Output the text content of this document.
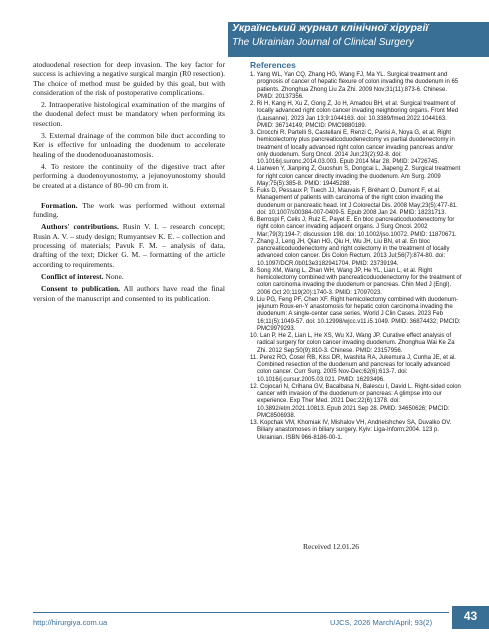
Український журнал клінічної хірургії
The Ukrainian Journal of Clinical Surgery

atoduodenal resection for deep invasion. The key factor for success is achieving a negative surgical margin (R0 resection). The choice of method must be guided by this goal, but with consideration of the risk of postoperative complications.

2. Intraoperative histological examination of the margins of the duodenal defect must be mandatory when performing its resection.

3. External drainage of the common bile duct according to Ker is effective for unloading the duodenum to accelerate healing of the duodenoduoanastomosis.

4. To restore the continuity of the digestive tract after performing a duodenoyunostomy, a jejunoyunostomy should be created at a distance of 80–90 cm from it.

Formation. The work was performed without external funding.

Authors' contributions. Rusin V. I. – research concept; Rusin A. V. – study design; Rumyantsev K. E. – collection and processing of materials; Pavuk F. M. – analysis of data, drafting of the text; Dicker G. M. – formatting of the article according to requirements.

Conflict of interest. None.

Consent to publication. All authors have read the final version of the manuscript and consented to its publication.

References

1. Yang WL, Yan CQ, Zhang HG, Wang FJ, Ma YL. Surgical treatment and prognosis of cancer of hepatic flexure of colon invading the duodenum in 65 patients. Zhonghua Zhong Liu Za Zhi. 2009 Nov;31(11):873-6. Chinese. PMID: 20137356.

2. Ri H, Kang H, Xu Z, Gong Z, Jo H, Amadou BH, et al. Surgical treatment of locally advanced right colon cancer invading neighboring organs. Front Med (Lausanne). 2023 Jan 13;9:1044163. doi: 10.3389/fmed.2022.1044163. PMID: 36714149; PMCID: PMC9880189.

3. Cirocchi R, Partelli S, Castellani E, Renzi C, Parisi A, Noya G, et al. Right hemicolectomy plus pancreaticoduodenectomy vs partial duodenectomy in treatment of locally advanced right colon cancer invading pancreas and/or only duodenum. Surg Oncol. 2014 Jun;23(2):92-8. doi: 10.1016/j.suronc.2014.03.003. Epub 2014 Mar 28. PMID: 24726745.

4. Lianwen Y, Jianping Z, Guoshun S, Dongcai L, Jiapeng Z. Surgical treatment for right colon cancer directly invading the duodenum. Am Surg. 2009 May;75(5):385-8. PMID: 19445288.

5. Fuks D, Pessaux P, Tuech JJ, Mauvais F, Bréhant O, Dumont F, et al. Management of patients with carcinoma of the right colon invading the duodenum or pancreatic head. Int J Colorectal Dis. 2008 May;23(5):477-81. doi: 10.1007/s00384-007-0409-5. Epub 2008 Jan 24. PMID: 18231713.

6. Berrospi F, Celis J, Ruiz E, Payet E. En bloc pancreaticoduodenectomy for right colon cancer invading adjacent organs. J Surg Oncol. 2002 Mar;79(3):194-7; discussion 198. doi: 10.1002/jso.10072. PMID: 11870671.

7. Zhang J, Leng JH, Qian HG, Qiu H, Wu JH, Liu BN, et al. En bloc pancreaticoduodenectomy and right colectomy in the treatment of locally advanced colon cancer. Dis Colon Rectum. 2013 Jul;56(7):874-80. doi: 10.1097/DCR.0b013e3182941704. PMID: 23739194.

8. Song XM, Wang L, Zhan WH, Wang JP, He YL, Lian L, et al. Right hemicolectomy combined with pancreaticoduodenectomy for the treatment of colon carcinoma invading the duodenum or pancreas. Chin Med J (Engl). 2006 Oct 20;119(20):1740-3. PMID: 17097023.

9. Liu PG, Feng PF, Chen XF. Right hemicolectomy combined with duodenum-jejunum Roux-en-Y anastomosis for hepatic colon carcinoma invading the duodenum: A single-center case series. World J Clin Cases. 2023 Feb 16;11(5):1049-57. doi: 10.12998/wjcc.v11.i5.1049. PMID: 36874432; PMCID: PMC9979293.

10. Lan P, He Z, Lian L, He XS, Wu XJ, Wang JP. Curative effect analysis of radical surgery for colon cancer invading duodenum. Zhonghua Wai Ke Za Zhi. 2012 Sep;50(9):810-3. Chinese. PMID: 23157956.

11. Perez RO, Coser RB, Kiss DR, Iwashita RA, Jukemura J, Cunha JE, et al. Combined resection of the duodenum and pancreas for locally advanced colon cancer. Curr Surg. 2005 Nov-Dec;62(6):613-7. doi: 10.1016/j.cursur.2005.03.021. PMID: 16293496.

12. Cojocari N, Crihana GV, Bacalbasa N, Balescu I, David L. Right-sided colon cancer with invasion of the duodenum or pancreas: A glimpse into our experience. Exp Ther Med. 2021 Dec;22(6):1378. doi: 10.3892/etm.2021.10813. Epub 2021 Sep 28. PMID: 34650626; PMCID: PMC8506938.

13. Kopchak VM, Khomiak IV, Mishalov VH, Andrieishchev SA, Duvalko OV. Biliary anastomoses in biliary surgery. Kyiv: Liga-Inform;2004. 123 p. Ukrainian. ISBN 966-8186-00-1.

Received 12.01.26
http://hirurgiya.com.ua	UJCS, 2026 March/April; 93(2)	43
